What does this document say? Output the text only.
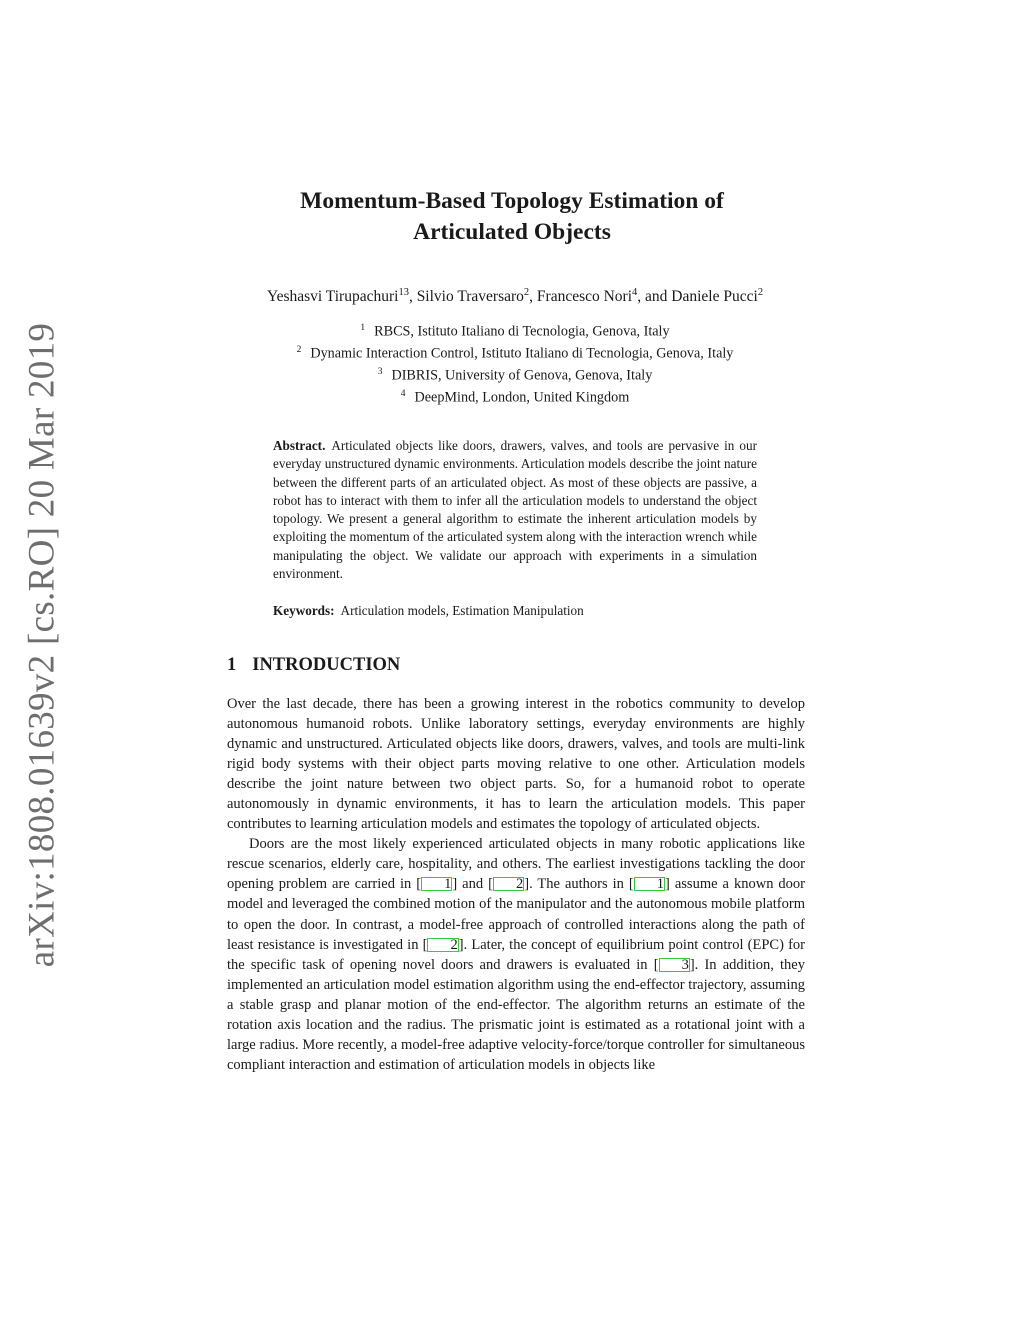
arXiv:1808.01639v2 [cs.RO] 20 Mar 2019
Momentum-Based Topology Estimation of
Articulated Objects
Yeshasvi Tirupachuri$^{13}$, Silvio Traversaro$^2$, Francesco Nori$^4$, and Daniele Pucci$^2$
$^1$ RBCS, Istituto Italiano di Tecnologia, Genova, Italy
$^2$ Dynamic Interaction Control, Istituto Italiano di Tecnologia, Genova, Italy
$^3$ DIBRIS, University of Genova, Genova, Italy
$^4$ DeepMind, London, United Kingdom

Abstract. Articulated objects like doors, drawers, valves, and tools are pervasive in our everyday unstructured dynamic environments. Articulation models describe the joint nature between the different parts of an articulated object. As most of these objects are passive, a robot has to interact with them to infer all the articulation models to understand the object topology. We present a general algorithm to estimate the inherent articulation models by exploiting the momentum of the articulated system along with the interaction wrench while manipulating the object. We validate our approach with experiments in a simulation environment.

Keywords: Articulation models, Estimation Manipulation

1 INTRODUCTION

Over the last decade, there has been a growing interest in the robotics community to develop autonomous humanoid robots. Unlike laboratory settings, everyday environments are highly dynamic and unstructured. Articulated objects like doors, drawers, valves, and tools are multi-link rigid body systems with their object parts moving relative to one other. Articulation models describe the joint nature between two object parts. So, for a humanoid robot to operate autonomously in dynamic environments, it has to learn the articulation models. This paper contributes to learning articulation models and estimates the topology of articulated objects.

Doors are the most likely experienced articulated objects in many robotic applications like rescue scenarios, elderly care, hospitality, and others. The earliest investigations tackling the door opening problem are carried in [ 1] and [ 2]. The authors in [ 1] assume a known door model and leveraged the combined motion of the manipulator and the autonomous mobile platform to open the door. In contrast, a model-free approach of controlled interactions along the path of least resistance is investigated in [ 2]. Later, the concept of equilibrium point control (EPC) for the specific task of opening novel doors and drawers is evaluated in [ 3]. In addition, they implemented an articulation model estimation algorithm using the end-effector trajectory, assuming a stable grasp and planar motion of the end-effector. The algorithm returns an estimate of the rotation axis location and the radius. The prismatic joint is estimated as a rotational joint with a large radius. More recently, a model-free adaptive velocity-force/torque controller for simultaneous compliant interaction and estimation of articulation models in objects like
